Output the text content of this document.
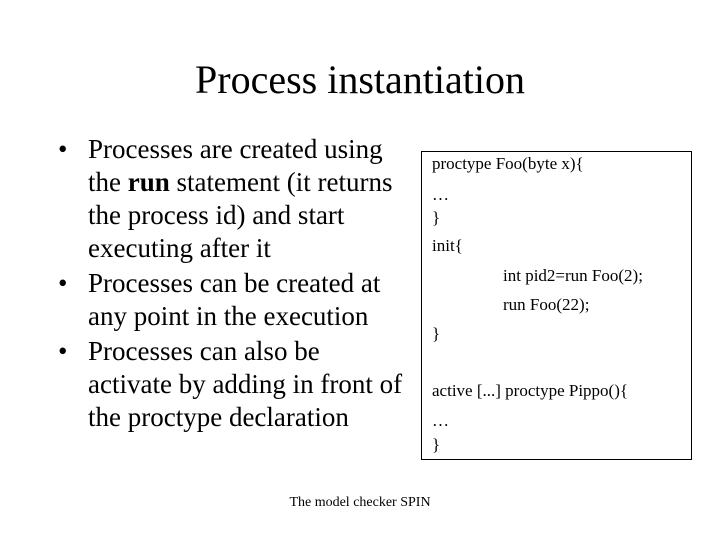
Process instantiation
• Processes are created using the run statement (it returns the process id) and start executing after it
• Processes can be created at any point in the execution
• Processes can also be activate by adding in front of the proctype declaration
proctype Foo(byte x){
…
}
init{
int pid2=run Foo(2);
run Foo(22);
}
active [...] proctype Pippo(){
…
}
The model checker SPIN
